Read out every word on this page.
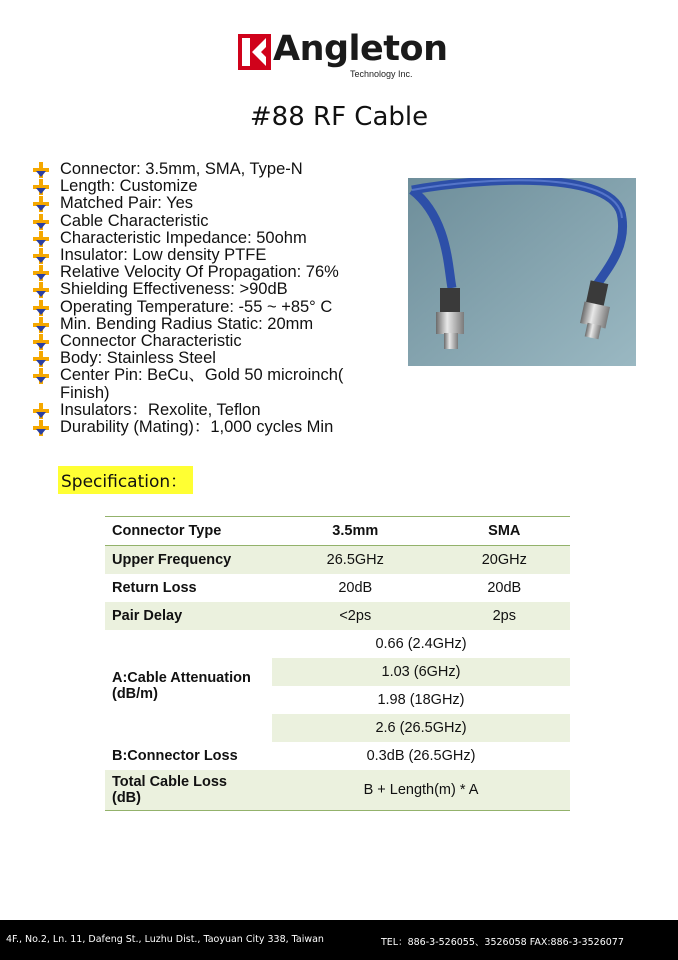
Angleton
Technology Inc.
#88 RF Cable
Connector: 3.5mm, SMA, Type-N
Length: Customize
Matched Pair: Yes
Cable Characteristic
Characteristic Impedance: 50ohm
Insulator: Low density PTFE
Relative Velocity Of Propagation: 76%
Shielding Effectiveness: >90dB
Operating Temperature: -55 ~ +85° C
Min. Bending Radius Static: 20mm
Connector Characteristic
Body: Stainless Steel
Center Pin: BeCu、Gold 50 microinch( Finish)
Insulators：Rexolite, Teflon
Durability (Mating)：1,000 cycles Min
Specification：
Connector Type	3.5mm	SMA
Upper Frequency	26.5GHz	20GHz
Return Loss	20dB	20dB
Pair Delay	<2ps	2ps
A:Cable Attenuation
(dB/m)	0.66 (2.4GHz)	
	1.03 (6GHz)	
	1.98 (18GHz)	
	2.6 (26.5GHz)	
B:Connector Loss	0.3dB (26.5GHz)	
Total Cable Loss
(dB)	B + Length(m) * A	
4F., No.2, Ln. 11, Dafeng St., Luzhu Dist., Taoyuan City 338, Taiwan	TEL：886-3-526055、3526058 FAX:886-3-3526077
